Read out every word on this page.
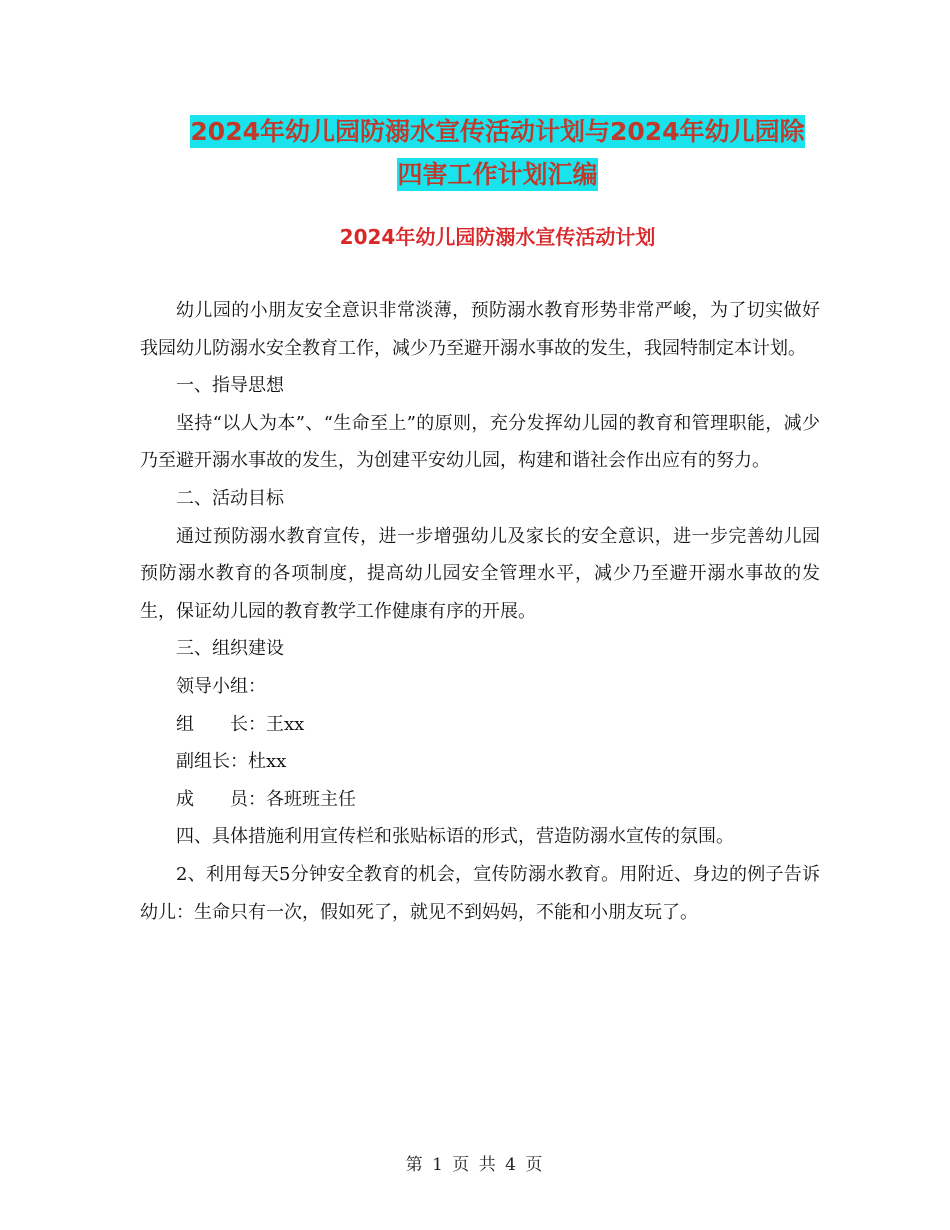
2024年幼儿园防溺水宣传活动计划与2024年幼儿园除
四害工作计划汇编
2024年幼儿园防溺水宣传活动计划

幼儿园的小朋友安全意识非常淡薄，预防溺水教育形势非常严峻，为了切实做好我园幼儿防溺水安全教育工作，减少乃至避开溺水事故的发生，我园特制定本计划。

一、指导思想

坚持“以人为本”、“生命至上”的原则，充分发挥幼儿园的教育和管理职能，减少乃至避开溺水事故的发生，为创建平安幼儿园，构建和谐社会作出应有的努力。

二、活动目标

通过预防溺水教育宣传，进一步增强幼儿及家长的安全意识，进一步完善幼儿园预防溺水教育的各项制度，提高幼儿园安全管理水平，减少乃至避开溺水事故的发生，保证幼儿园的教育教学工作健康有序的开展。

三、组织建设

领导小组：

组　　长：王xx

副组长：杜xx

成　　员：各班班主任

四、具体措施利用宣传栏和张贴标语的形式，营造防溺水宣传的氛围。

2、利用每天5分钟安全教育的机会，宣传防溺水教育。用附近、身边的例子告诉幼儿：生命只有一次，假如死了，就见不到妈妈，不能和小朋友玩了。

第 1 页 共 4 页
